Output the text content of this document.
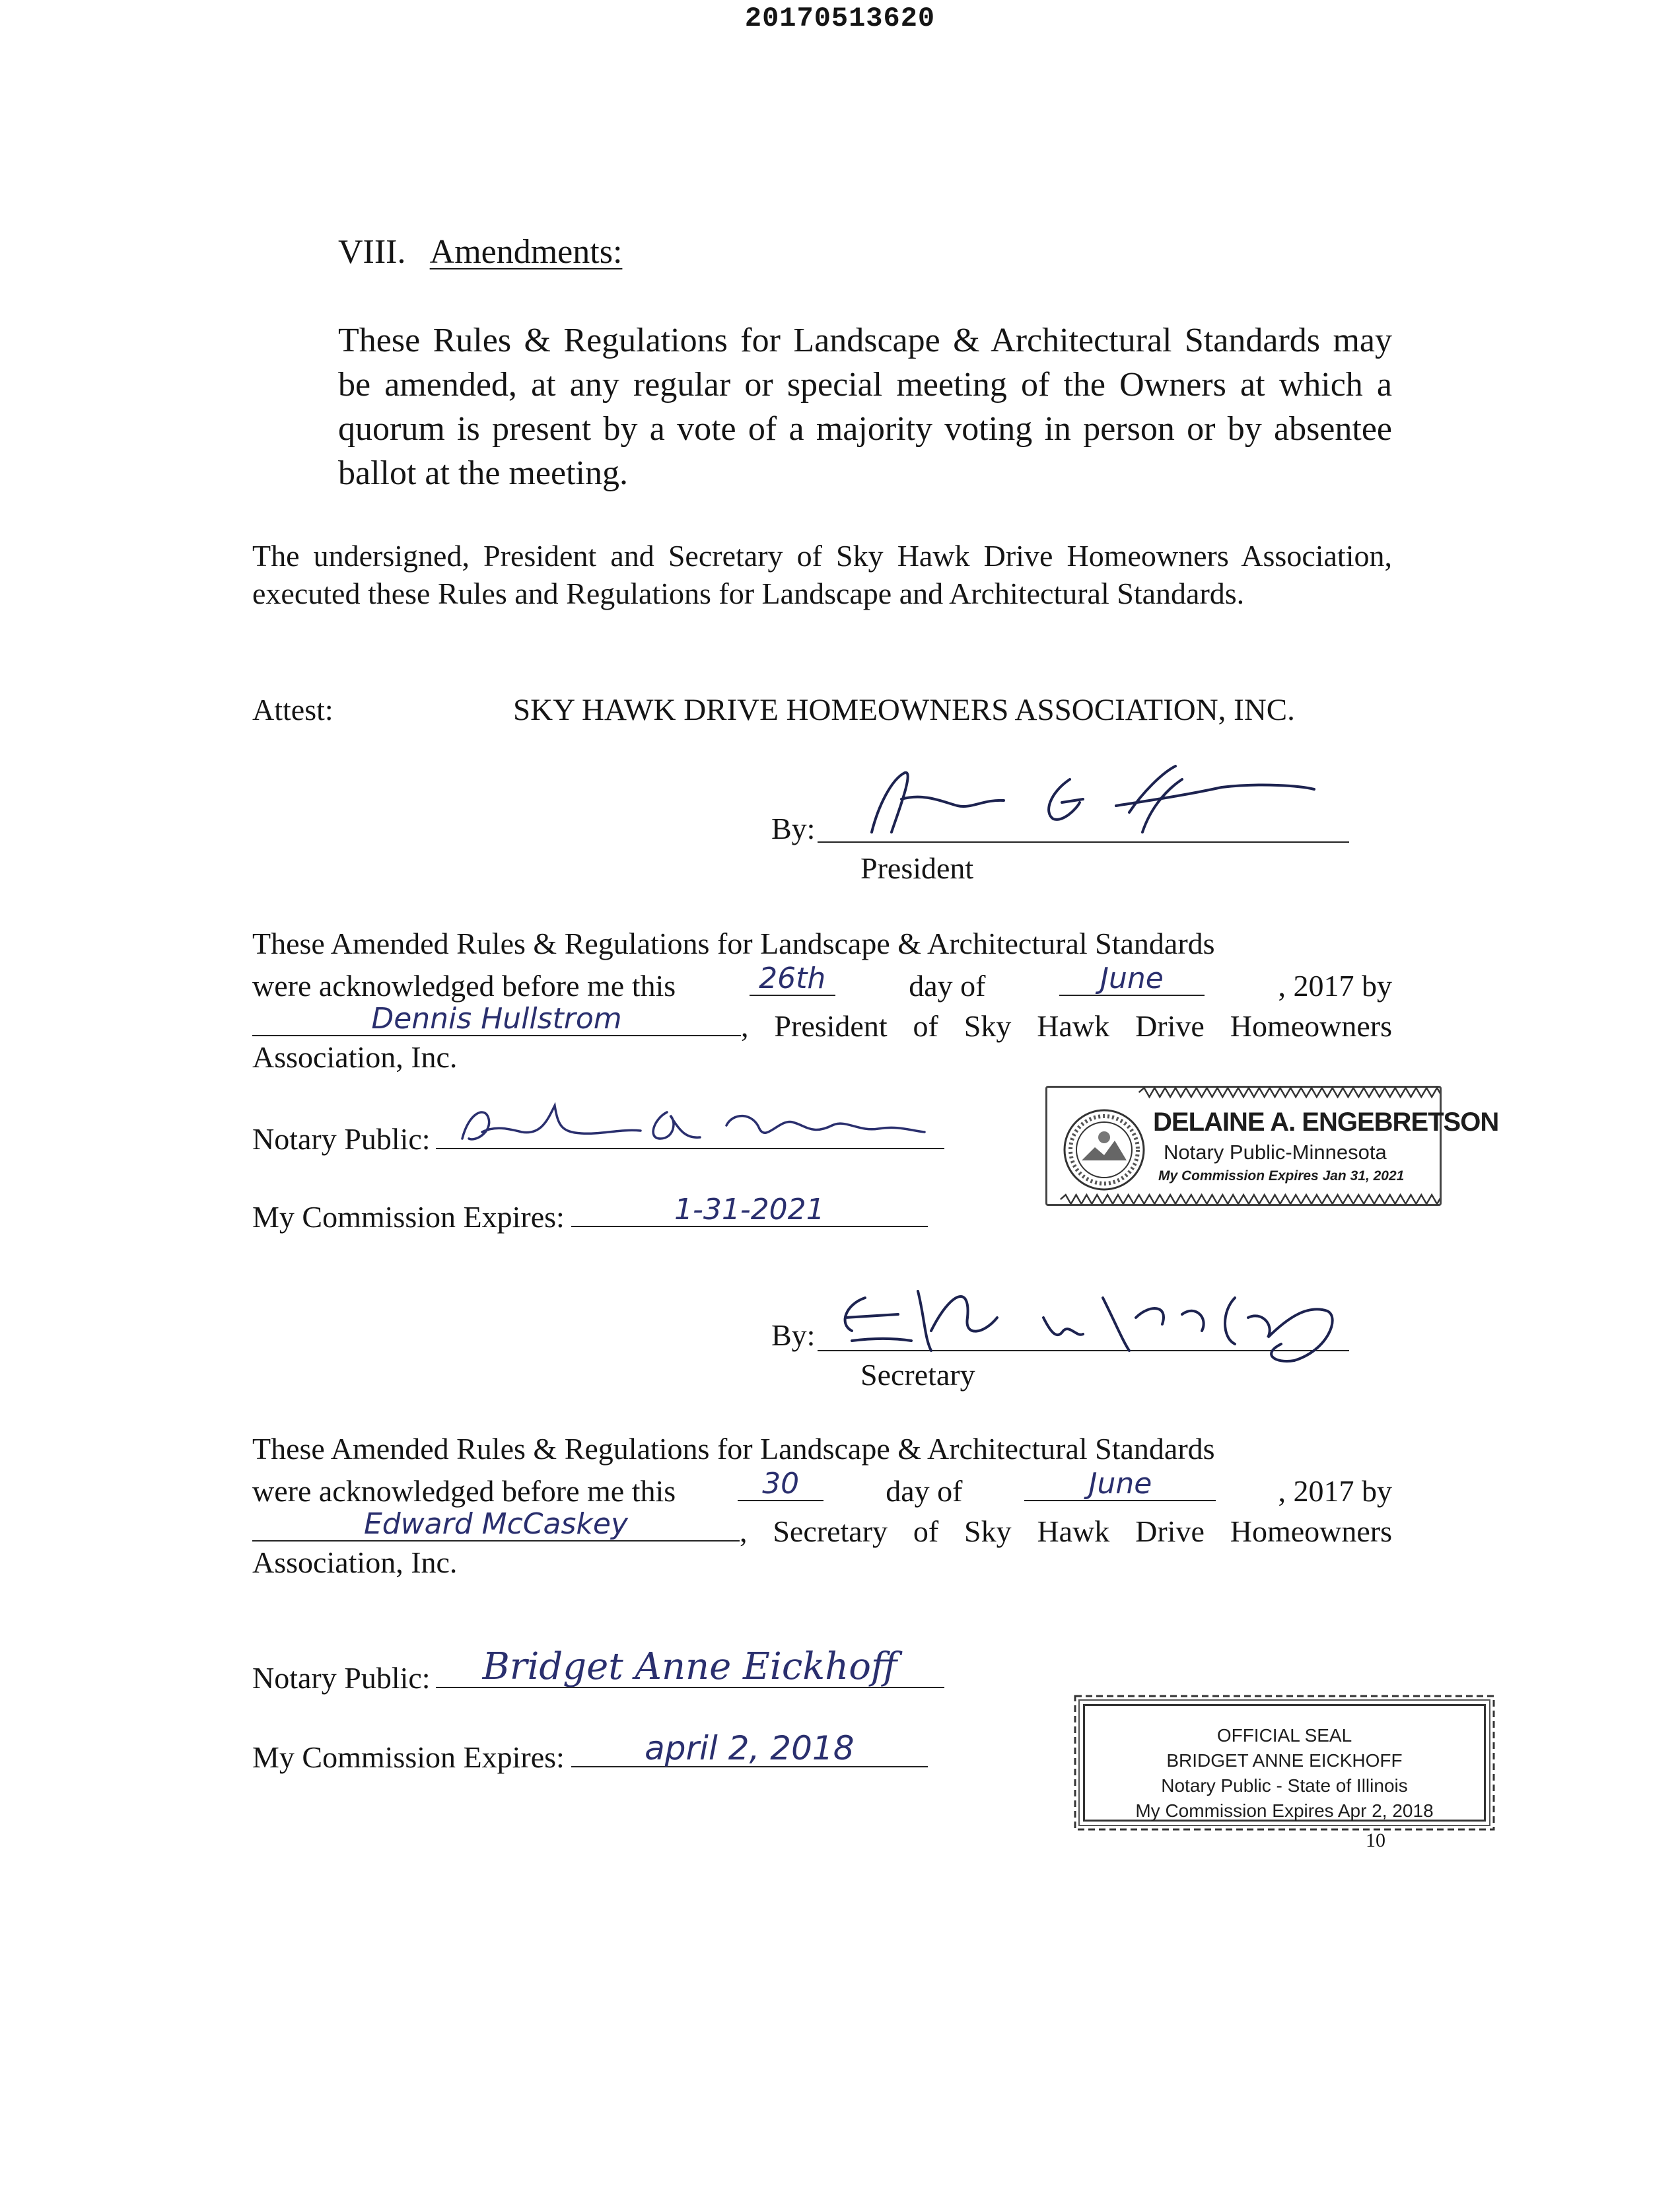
20170513620
VIII. Amendments:
These Rules & Regulations for Landscape & Architectural Standards may be amended, at any regular or special meeting of the Owners at which a quorum is present by a vote of a majority voting in person or by absentee ballot at the meeting.
The undersigned, President and Secretary of Sky Hawk Drive Homeowners Association, executed these Rules and Regulations for Landscape and Architectural Standards.
Attest:	SKY HAWK DRIVE HOMEOWNERS ASSOCIATION, INC.
By:
President
These Amended Rules & Regulations for Landscape & Architectural Standards
were acknowledged before me this	26th	day of	June	, 2017 by
Dennis Hullstrom	, President of Sky Hawk Drive Homeowners
Association, Inc.
Notary Public:
My Commission Expires:	1-31-2021
DELAINE A. ENGEBRETSON
Notary Public-Minnesota
My Commission Expires Jan 31, 2021
By:
Secretary
These Amended Rules & Regulations for Landscape & Architectural Standards
were acknowledged before me this	30	day of	June	, 2017 by
Edward McCaskey	, Secretary of Sky Hawk Drive Homeowners
Association, Inc.
Notary Public:	Bridget Anne Eickhoff
My Commission Expires:	april 2, 2018	OFFICIAL SEAL
BRIDGET ANNE EICKHOFF
Notary Public - State of Illinois
My Commission Expires Apr 2, 2018
10
